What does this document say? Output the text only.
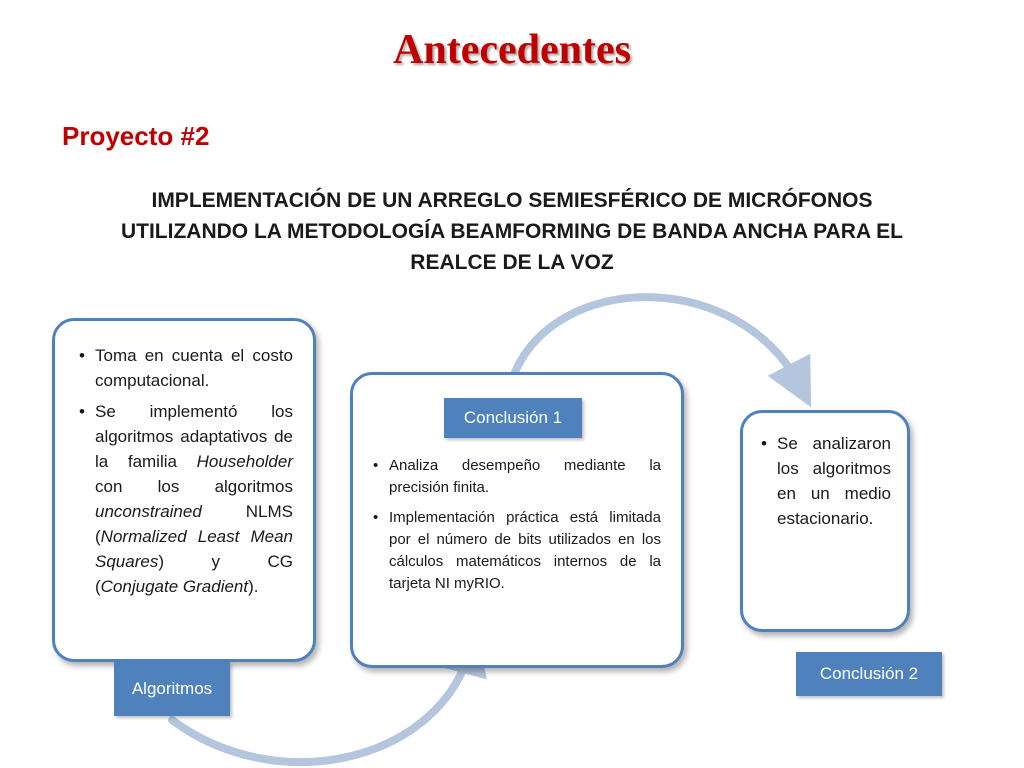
Antecedentes
Proyecto #2
IMPLEMENTACIÓN DE UN ARREGLO SEMIESFÉRICO DE MICRÓFONOS
UTILIZANDO LA METODOLOGÍA BEAMFORMING DE BANDA ANCHA PARA EL
REALCE DE LA VOZ
• Toma en cuenta el costo computacional.
• Se implementó los algoritmos adaptativos de la familia Householder con los algoritmos unconstrained NLMS (Normalized Least Mean Squares) y CG (Conjugate Gradient).
Algoritmos
• Analiza desempeño mediante la precisión finita.
• Implementación práctica está limitada por el número de bits utilizados en los cálculos matemáticos internos de la tarjeta NI myRIO.
Conclusión 1
• Se analizaron los algoritmos en un medio estacionario.
Conclusión 2
